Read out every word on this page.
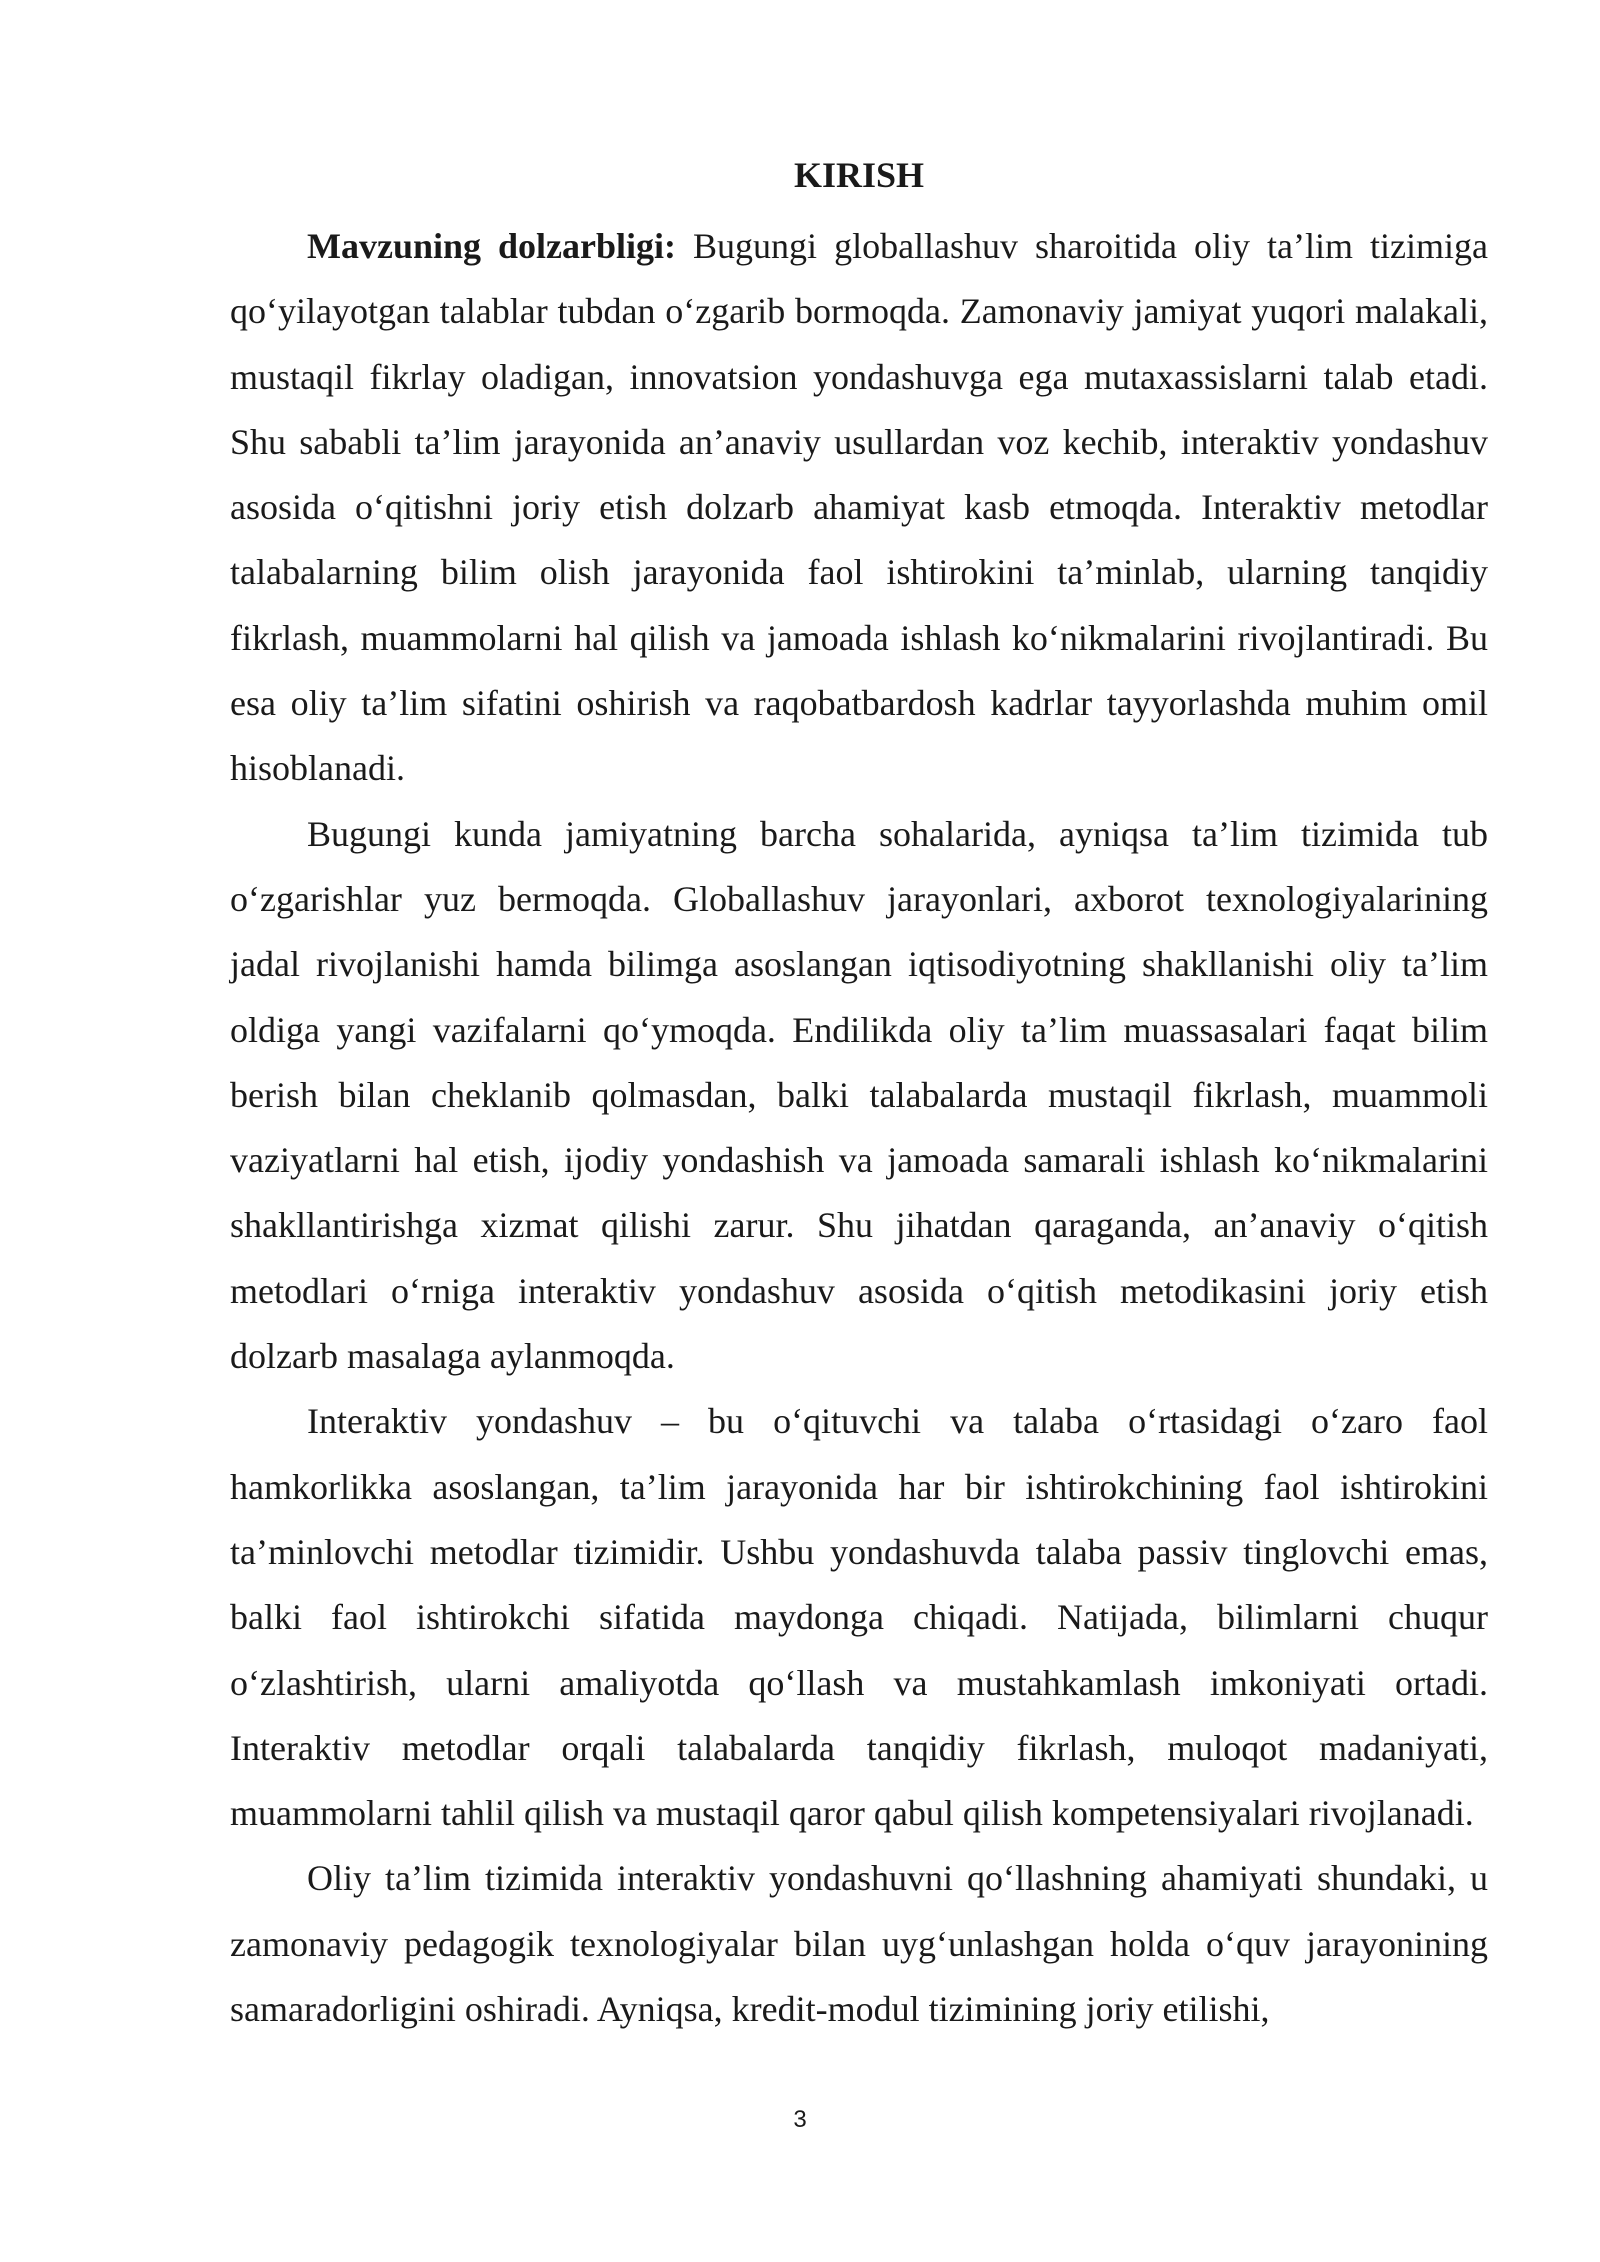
KIRISH

Mavzuning dolzarbligi: Bugungi globallashuv sharoitida oliy ta’lim tizimiga qo‘yilayotgan talablar tubdan o‘zgarib bormoqda. Zamonaviy jamiyat yuqori malakali, mustaqil fikrlay oladigan, innovatsion yondashuvga ega mutaxassislarni talab etadi. Shu sababli ta’lim jarayonida an’anaviy usullardan voz kechib, interaktiv yondashuv asosida o‘qitishni joriy etish dolzarb ahamiyat kasb etmoqda. Interaktiv metodlar talabalarning bilim olish jarayonida faol ishtirokini ta’minlab, ularning tanqidiy fikrlash, muammolarni hal qilish va jamoada ishlash ko‘nikmalarini rivojlantiradi. Bu esa oliy ta’lim sifatini oshirish va raqobatbardosh kadrlar tayyorlashda muhim omil hisoblanadi.

Bugungi kunda jamiyatning barcha sohalarida, ayniqsa ta’lim tizimida tub o‘zgarishlar yuz bermoqda. Globallashuv jarayonlari, axborot texnologiyalarining jadal rivojlanishi hamda bilimga asoslangan iqtisodiyotning shakllanishi oliy ta’lim oldiga yangi vazifalarni qo‘ymoqda. Endilikda oliy ta’lim muassasalari faqat bilim berish bilan cheklanib qolmasdan, balki talabalarda mustaqil fikrlash, muammoli vaziyatlarni hal etish, ijodiy yondashish va jamoada samarali ishlash ko‘nikmalarini shakllantirishga xizmat qilishi zarur. Shu jihatdan qaraganda, an’anaviy o‘qitish metodlari o‘rniga interaktiv yondashuv asosida o‘qitish metodikasini joriy etish dolzarb masalaga aylanmoqda.

Interaktiv yondashuv – bu o‘qituvchi va talaba o‘rtasidagi o‘zaro faol hamkorlikka asoslangan, ta’lim jarayonida har bir ishtirokchining faol ishtirokini ta’minlovchi metodlar tizimidir. Ushbu yondashuvda talaba passiv tinglovchi emas, balki faol ishtirokchi sifatida maydonga chiqadi. Natijada, bilimlarni chuqur o‘zlashtirish, ularni amaliyotda qo‘llash va mustahkamlash imkoniyati ortadi. Interaktiv metodlar orqali talabalarda tanqidiy fikrlash, muloqot madaniyati, muammolarni tahlil qilish va mustaqil qaror qabul qilish kompetensiyalari rivojlanadi.

Oliy ta’lim tizimida interaktiv yondashuvni qo‘llashning ahamiyati shundaki, u zamonaviy pedagogik texnologiyalar bilan uyg‘unlashgan holda o‘quv jarayonining samaradorligini oshiradi. Ayniqsa, kredit-modul tizimining joriy etilishi,

3
